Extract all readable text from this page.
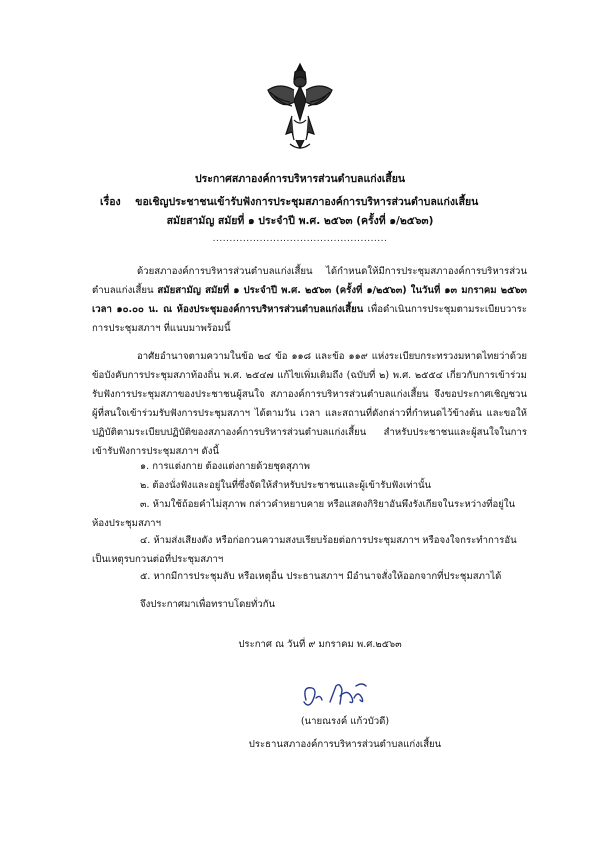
ประกาศสภาองค์การบริหารส่วนตำบลแก่งเสี้ยน
เรื่อง ขอเชิญประชาชนเข้ารับฟังการประชุมสภาองค์การบริหารส่วนตำบลแก่งเสี้ยน
สมัยสามัญ สมัยที่ ๑ ประจำปี พ.ศ. ๒๕๖๓ (ครั้งที่ ๑/๒๕๖๓)
....................................................
ด้วยสภาองค์การบริหารส่วนตำบลแก่งเสี้ยน ได้กำหนดให้มีการประชุมสภาองค์การบริหารส่วนตำบลแก่งเสี้ยน สมัยสามัญ สมัยที่ ๑ ประจำปี พ.ศ. ๒๕๖๓ (ครั้งที่ ๑/๒๕๖๓) ในวันที่ ๑๓ มกราคม ๒๕๖๓ เวลา ๑๐.๐๐ น. ณ ห้องประชุมองค์การบริหารส่วนตำบลแก่งเสี้ยน เพื่อดำเนินการประชุมตามระเบียบวาระการประชุมสภาฯ ที่แนบมาพร้อมนี้
อาศัยอำนาจตามความในข้อ ๒๔ ข้อ ๑๑๘ และข้อ ๑๑๙ แห่งระเบียบกระทรวงมหาดไทยว่าด้วยข้อบังคับการประชุมสภาท้องถิ่น พ.ศ. ๒๕๔๗ แก้ไขเพิ่มเติมถึง (ฉบับที่ ๒) พ.ศ. ๒๕๕๔ เกี่ยวกับการเข้าร่วมรับฟังการประชุมสภาของประชาชนผู้สนใจ สภาองค์การบริหารส่วนตำบลแก่งเสี้ยน จึงขอประกาศเชิญชวนผู้ที่สนใจเข้าร่วมรับฟังการประชุมสภาฯ ได้ตามวัน เวลา และสถานที่ดังกล่าวที่กำหนดไว้ข้างต้น และขอให้ปฏิบัติตามระเบียบปฏิบัติของสภาองค์การบริหารส่วนตำบลแก่งเสี้ยน สำหรับประชาชนและผู้สนใจในการเข้ารับฟังการประชุมสภาฯ ดังนี้
๑. การแต่งกาย ต้องแต่งกายด้วยชุดสุภาพ
๒. ต้องนั่งฟังและอยู่ในที่ซึ่งจัดให้สำหรับประชาชนและผู้เข้ารับฟังเท่านั้น
๓. ห้ามใช้ถ้อยคำไม่สุภาพ กล่าวคำหยาบคาย หรือแสดงกิริยาอันพึงรังเกียจในระหว่างที่อยู่ในห้องประชุมสภาฯ
๔. ห้ามส่งเสียงดัง หรือก่อกวนความสงบเรียบร้อยต่อการประชุมสภาฯ หรือจงใจกระทำการอันเป็นเหตุรบกวนต่อที่ประชุมสภาฯ
๕. หากมีการประชุมลับ หรือเหตุอื่น ประธานสภาฯ มีอำนาจสั่งให้ออกจากที่ประชุมสภาได้
จึงประกาศมาเพื่อทราบโดยทั่วกัน
ประกาศ ณ วันที่ ๙ มกราคม พ.ศ.๒๕๖๓
(นายณรงค์ แก้วบัวดี)
ประธานสภาองค์การบริหารส่วนตำบลแก่งเสี้ยน
